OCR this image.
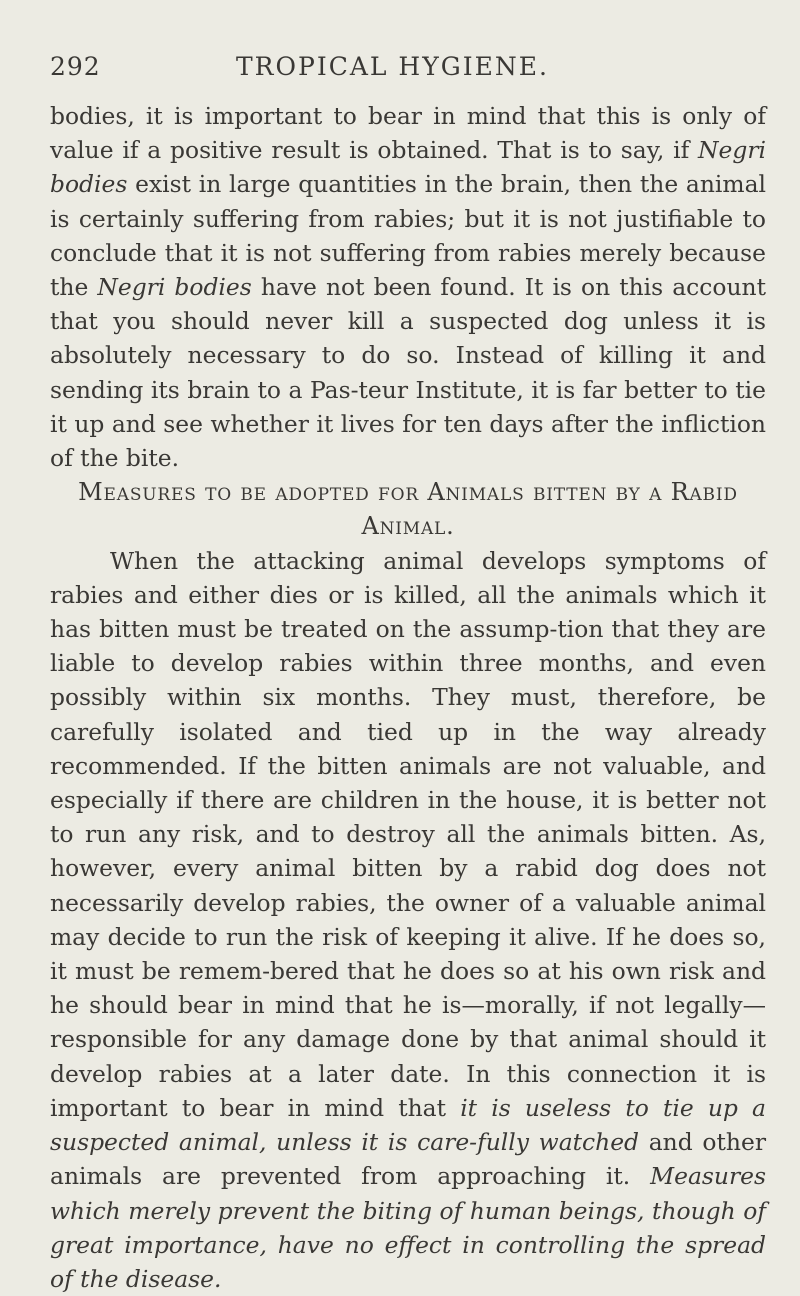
292	TROPICAL HYGIENE.

bodies, it is important to bear in mind that this is only of value if a positive result is obtained. That is to say, if Negri bodies exist in large quantities in the brain, then the animal is certainly suffering from rabies; but it is not justifiable to conclude that it is not suffering from rabies merely because the Negri bodies have not been found. It is on this account that you should never kill a suspected dog unless it is absolutely necessary to do so. Instead of killing it and sending its brain to a Pas-teur Institute, it is far better to tie it up and see whether it lives for ten days after the infliction of the bite.

Measures to be adopted for Animals bitten by a Rabid Animal.

When the attacking animal develops symptoms of rabies and either dies or is killed, all the animals which it has bitten must be treated on the assump-tion that they are liable to develop rabies within three months, and even possibly within six months. They must, therefore, be carefully isolated and tied up in the way already recommended. If the bitten animals are not valuable, and especially if there are children in the house, it is better not to run any risk, and to destroy all the animals bitten. As, however, every animal bitten by a rabid dog does not necessarily develop rabies, the owner of a valuable animal may decide to run the risk of keeping it alive. If he does so, it must be remem-bered that he does so at his own risk and he should bear in mind that he is—morally, if not legally—responsible for any damage done by that animal should it develop rabies at a later date. In this connection it is important to bear in mind that it is useless to tie up a suspected animal, unless it is care-fully watched and other animals are prevented from approaching it. Measures which merely prevent the biting of human beings, though of great importance, have no effect in controlling the spread of the disease.
